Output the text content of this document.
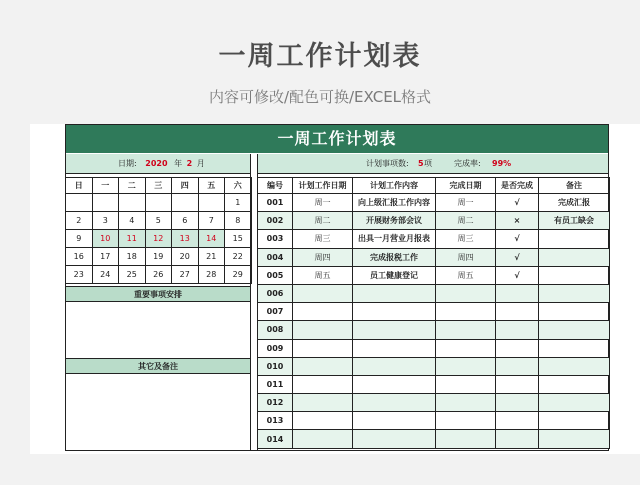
一周工作计划表
内容可修改/配色可换/EXCEL格式
一周工作计划表
日期: 2020 年 2 月	计划事项数: 5 项	完成率: 99%
日	一	二	三	四	五	六
						1
2	3	4	5	6	7	8
9	10	11	12	13	14	15
16	17	18	19	20	21	22
23	24	25	26	27	28	29
重要事项安排
其它及备注
编号	计划工作日期	计划工作内容	完成日期	是否完成	备注
001	周一	向上级汇报工作内容	周一	√	完成汇报
002	周二	开展财务部会议	周二	×	有员工缺会
003	周三	出具一月营业月报表	周三	√	
004	周四	完成报税工作	周四	√	
005	周五	员工健康登记	周五	√	
006					
007					
008					
009					
010					
011					
012					
013					
014					
